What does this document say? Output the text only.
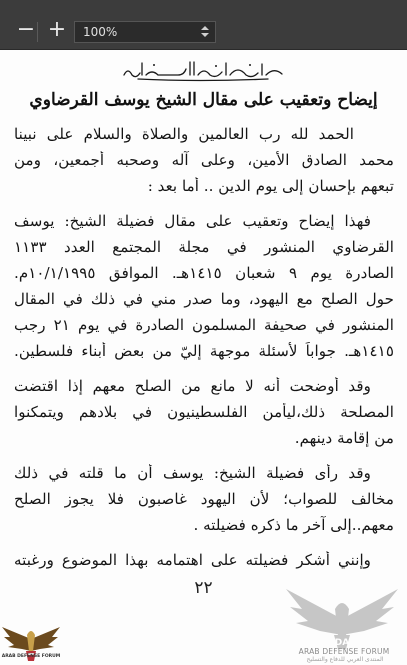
− +	100%
إيضاح وتعقيب على مقال الشيخ يوسف القرضاوي
الحمد لله رب العالمين والصلاة والسلام على نبينا
محمد الصادق الأمين، وعلى آله وصحبه أجمعين، ومن
تبعهم بإحسان إلى يوم الدين .. أما بعد :
فهذا إيضاح وتعقيب على مقال فضيلة الشيخ: يوسف
القرضاوي المنشور في مجلة المجتمع العدد ١١٣٣
الصادرة يوم ٩ شعبان ١٤١٥هـ. الموافق ١٠/١/١٩٩٥م.
حول الصلح مع اليهود، وما صدر مني في ذلك في المقال
المنشور في صحيفة المسلمون الصادرة في يوم ٢١ رجب
١٤١٥هـ. جواباً لأسئلة موجهة إليّ من بعض أبناء فلسطين.
وقد أوضحت أنه لا مانع من الصلح معهم إذا اقتضت
المصلحة ذلك،ليأمن الفلسطينيون في بلادهم ويتمكنوا
من إقامة دينهم.
وقد رأى فضيلة الشيخ: يوسف أن ما قلته في ذلك
مخالف للصواب؛ لأن اليهود غاصبون فلا يجوز الصلح
معهم..إلى آخر ما ذكره فضيلته .
وإنني أشكر فضيلته على اهتمامه بهذا الموضوع ورغبته
٢٢
DA
ARAB DEFENSE FORUM
المنتدى العربي للدفاع والتسليح
ARAB DEFENSE FORUM
